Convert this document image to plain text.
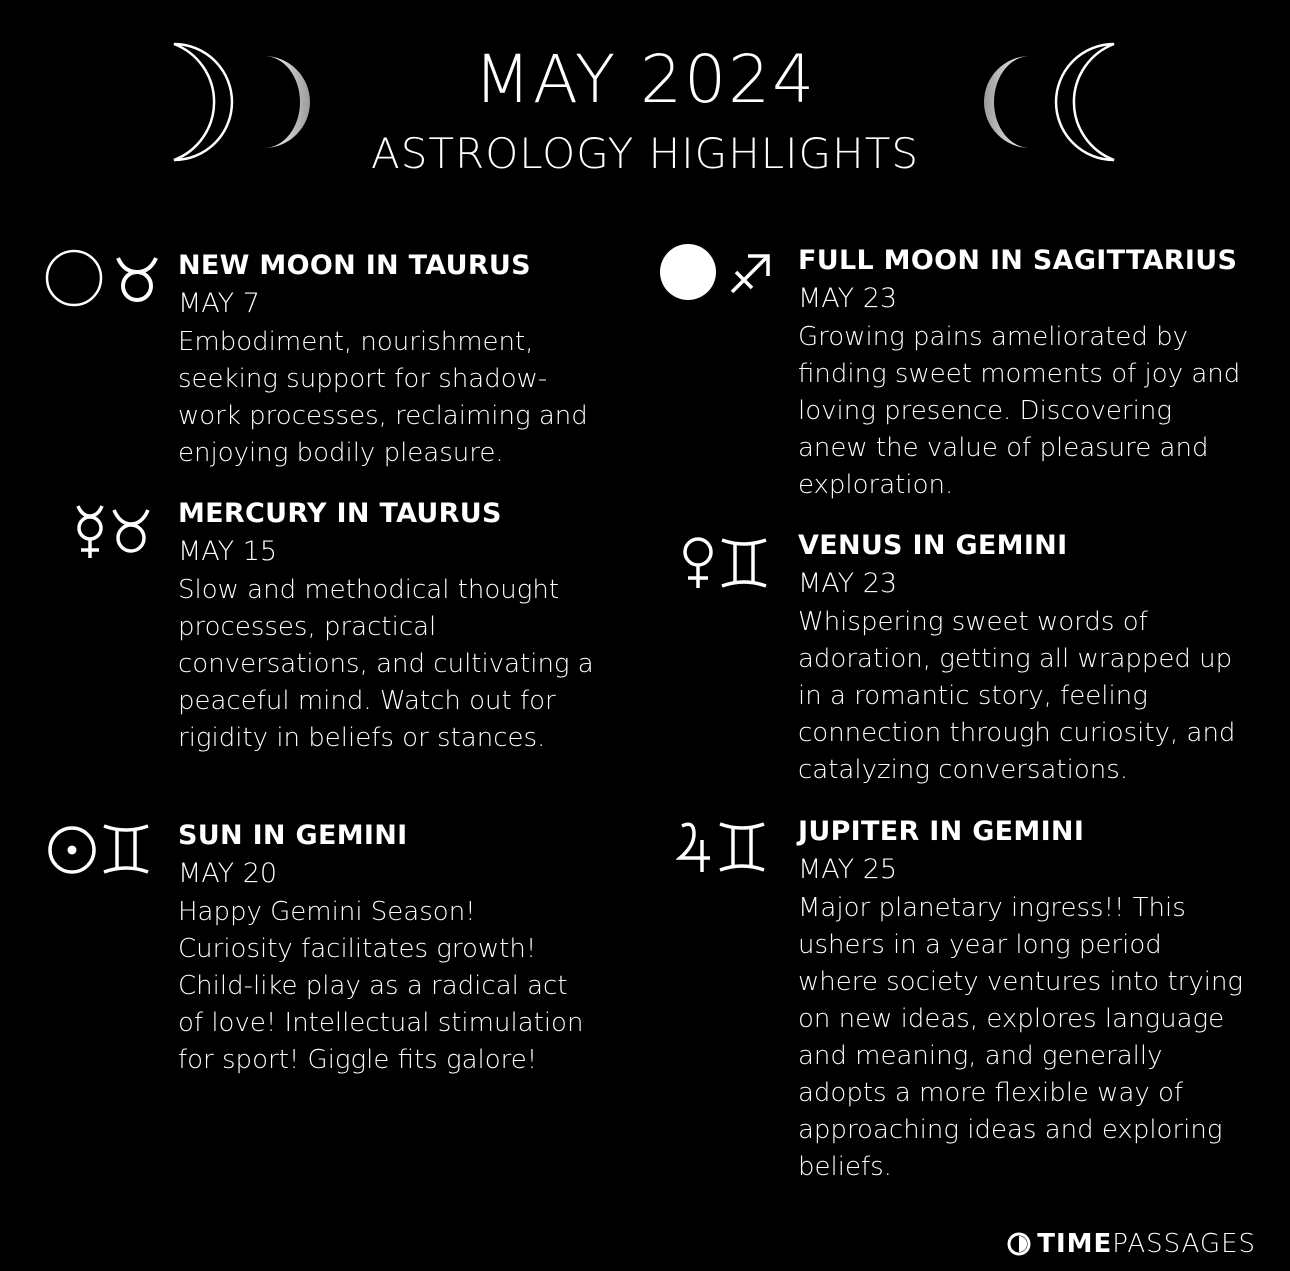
MAY 2024
ASTROLOGY HIGHLIGHTS
NEW MOON IN TAURUS
MAY 7
Embodiment, nourishment, seeking support for shadow-work processes, reclaiming and enjoying bodily pleasure.
MERCURY IN TAURUS
MAY 15
Slow and methodical thought processes, practical conversations, and cultivating a peaceful mind. Watch out for rigidity in beliefs or stances.
SUN IN GEMINI
MAY 20
Happy Gemini Season! Curiosity facilitates growth! Child-like play as a radical act of love! Intellectual stimulation for sport! Giggle fits galore!
FULL MOON IN SAGITTARIUS
MAY 23
Growing pains ameliorated by finding sweet moments of joy and loving presence. Discovering anew the value of pleasure and exploration.
VENUS IN GEMINI
MAY 23
Whispering sweet words of adoration, getting all wrapped up in a romantic story, feeling connection through curiosity, and catalyzing conversations.
JUPITER IN GEMINI
MAY 25
Major planetary ingress!! This ushers in a year long period where society ventures into trying on new ideas, explores language and meaning, and generally adopts a more flexible way of approaching ideas and exploring beliefs.
TIME PASSAGES
